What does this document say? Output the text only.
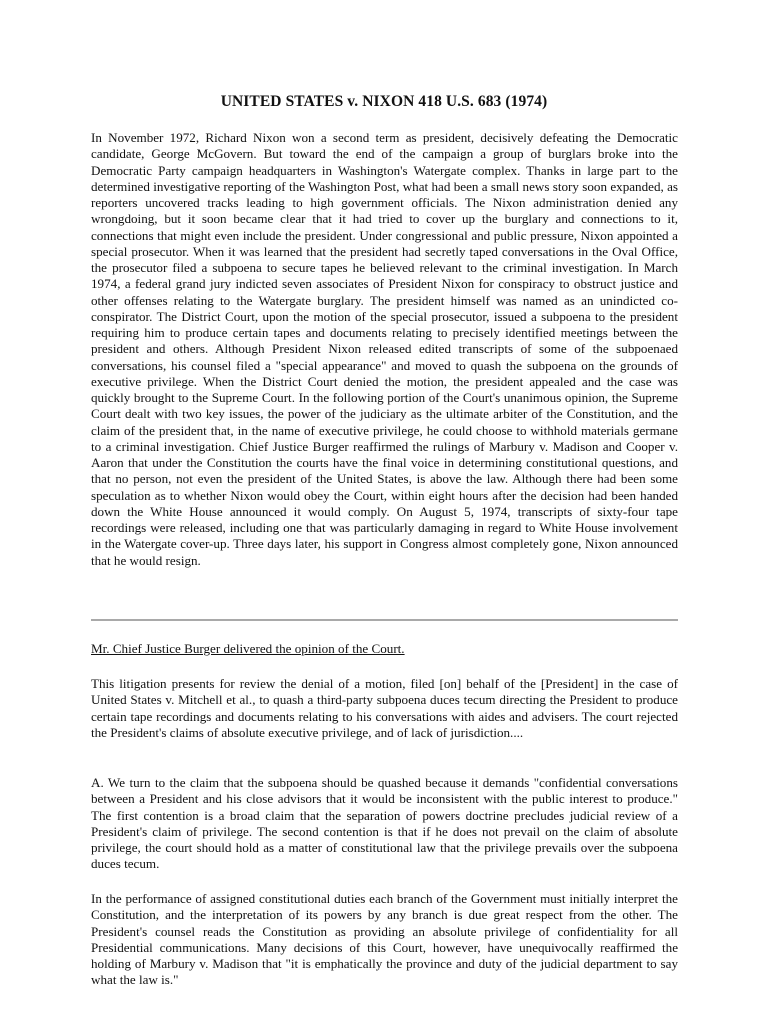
UNITED STATES v. NIXON 418 U.S. 683 (1974)

In November 1972, Richard Nixon won a second term as president, decisively defeating the Democratic candidate, George McGovern. But toward the end of the campaign a group of burglars broke into the Democratic Party campaign headquarters in Washington's Watergate complex. Thanks in large part to the determined investigative reporting of the Washington Post, what had been a small news story soon expanded, as reporters uncovered tracks leading to high government officials. The Nixon administration denied any wrongdoing, but it soon became clear that it had tried to cover up the burglary and connections to it, connections that might even include the president. Under congressional and public pressure, Nixon appointed a special prosecutor. When it was learned that the president had secretly taped conversations in the Oval Office, the prosecutor filed a subpoena to secure tapes he believed relevant to the criminal investigation. In March 1974, a federal grand jury indicted seven associates of President Nixon for conspiracy to obstruct justice and other offenses relating to the Watergate burglary. The president himself was named as an unindicted co-conspirator. The District Court, upon the motion of the special prosecutor, issued a subpoena to the president requiring him to produce certain tapes and documents relating to precisely identified meetings between the president and others. Although President Nixon released edited transcripts of some of the subpoenaed conversations, his counsel filed a "special appearance" and moved to quash the subpoena on the grounds of executive privilege. When the District Court denied the motion, the president appealed and the case was quickly brought to the Supreme Court. In the following portion of the Court's unanimous opinion, the Supreme Court dealt with two key issues, the power of the judiciary as the ultimate arbiter of the Constitution, and the claim of the president that, in the name of executive privilege, he could choose to withhold materials germane to a criminal investigation. Chief Justice Burger reaffirmed the rulings of Marbury v. Madison and Cooper v. Aaron that under the Constitution the courts have the final voice in determining constitutional questions, and that no person, not even the president of the United States, is above the law. Although there had been some speculation as to whether Nixon would obey the Court, within eight hours after the decision had been handed down the White House announced it would comply. On August 5, 1974, transcripts of sixty-four tape recordings were released, including one that was particularly damaging in regard to White House involvement in the Watergate cover-up. Three days later, his support in Congress almost completely gone, Nixon announced that he would resign.

Mr. Chief Justice Burger delivered the opinion of the Court.

This litigation presents for review the denial of a motion, filed [on] behalf of the [President] in the case of United States v. Mitchell et al., to quash a third-party subpoena duces tecum directing the President to produce certain tape recordings and documents relating to his conversations with aides and advisers. The court rejected the President's claims of absolute executive privilege, and of lack of jurisdiction....

A. We turn to the claim that the subpoena should be quashed because it demands "confidential conversations between a President and his close advisors that it would be inconsistent with the public interest to produce." The first contention is a broad claim that the separation of powers doctrine precludes judicial review of a President's claim of privilege. The second contention is that if he does not prevail on the claim of absolute privilege, the court should hold as a matter of constitutional law that the privilege prevails over the subpoena duces tecum.

In the performance of assigned constitutional duties each branch of the Government must initially interpret the Constitution, and the interpretation of its powers by any branch is due great respect from the other. The President's counsel reads the Constitution as providing an absolute privilege of confidentiality for all Presidential communications. Many decisions of this Court, however, have unequivocally reaffirmed the holding of Marbury v. Madison that "it is emphatically the province and duty of the judicial department to say what the law is."
